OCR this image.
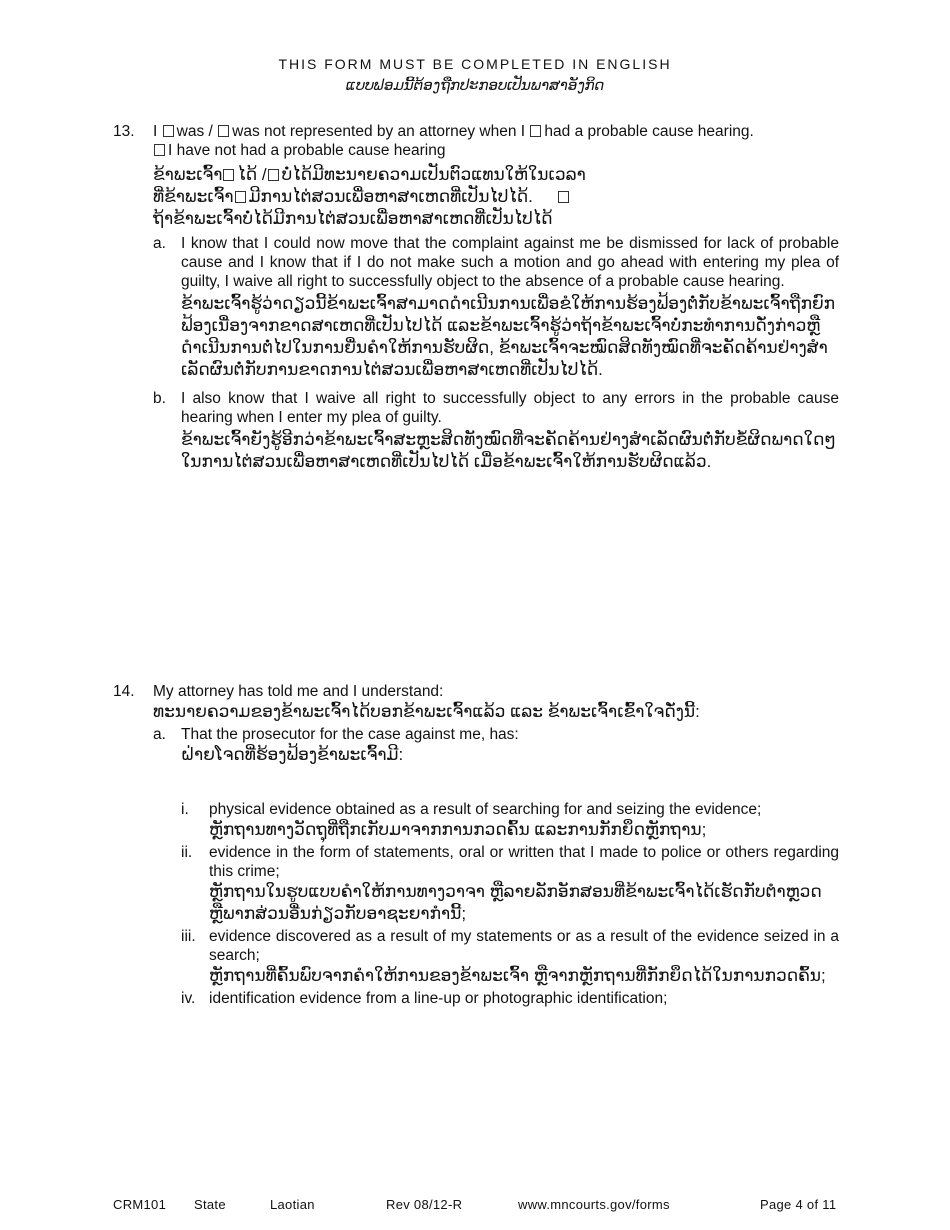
THIS FORM MUST BE COMPLETED IN ENGLISH
ແບບຟອມນີ້ຕ້ອງຖືກປະກອບເປັນພາສາອັງກິດ
13.	I was / was not represented by an attorney when I had a probable cause hearing.
I have not had a probable cause hearing

ຂ້າພະເຈົ້າ ໄດ້ / ບໍ່ໄດ້ມີທະນາຍຄວາມເປັນຕົວແທນໃຫ້ໃນເວລາ

ທີ່ຂ້າພະເຈົ້າ ມີການໄຕ່ສວນເພື່ອຫາສາເຫດທີ່ເປັນໄປໄດ້.

ຖ້າຂ້າພະເຈົ້າບໍ່ໄດ້ມີການໄຕ່ສວນເພື່ອຫາສາເຫດທີ່ເປັນໄປໄດ້

a. I know that I could now move that the complaint against me be dismissed for lack of probable cause and I know that if I do not make such a motion and go ahead with entering my plea of guilty, I waive all right to successfully object to the absence of a probable cause hearing.

ຂ້າພະເຈົ້າຮູ້ວ່າດຽວນີ້ຂ້າພະເຈົ້າສາມາດດໍາເນີນການເພື່ອຂໍໃຫ້ການຮ້ອງຟ້ອງຕໍ່ກັບຂ້າພະເຈົ້າຖືກຍົກຟ້ອງເນື່ອງຈາກຂາດສາເຫດທີ່ເປັນໄປໄດ້ ແລະຂ້າພະເຈົ້າຮູ້ວ່າຖ້າຂ້າພະເຈົ້າບໍ່ກະທໍາການດັ່ງກ່າວຫຼືດໍາເນີນການຕໍ່ໄປໃນການຍື່ນຄໍາໃຫ້ການຮັບຜິດ, ຂ້າພະເຈົ້າຈະໝົດສິດທັງໝົດທີ່ຈະຄັດຄ້ານຢ່າງສໍາເລັດຜົນຕໍ່ກັບການຂາດການໄຕ່ສວນເພື່ອຫາສາເຫດທີ່ເປັນໄປໄດ້.

b. I also know that I waive all right to successfully object to any errors in the probable cause hearing when I enter my plea of guilty.

ຂ້າພະເຈົ້າຍັງຮູ້ອີກວ່າຂ້າພະເຈົ້າສະຫຼະສິດທັງໝົດທີ່ຈະຄັດຄ້ານຢ່າງສໍາເລັດຜົນຕໍ່ກັບຂໍ້ຜິດພາດໃດໆໃນການໄຕ່ສວນເພື່ອຫາສາເຫດທີ່ເປັນໄປໄດ້ ເມື່ອຂ້າພະເຈົ້າໃຫ້ການຮັບຜິດແລ້ວ.

14.	My attorney has told me and I understand:

ທະນາຍຄວາມຂອງຂ້າພະເຈົ້າໄດ້ບອກຂ້າພະເຈົ້າແລ້ວ ແລະ ຂ້າພະເຈົ້າເຂົ້າໃຈດັ່ງນີ້:

a. That the prosecutor for the case against me, has:

ຝ່າຍໂຈດທີ່ຮ້ອງຟ້ອງຂ້າພະເຈົ້າມີ:

i. physical evidence obtained as a result of searching for and seizing the evidence;

ຫຼັກຖານທາງວັດຖຸທີ່ຖືກເກັບມາຈາກການກວດຄົ້ນ ແລະການກັກຍຶດຫຼັກຖານ;

ii. evidence in the form of statements, oral or written that I made to police or others regarding this crime;

ຫຼັກຖານໃນຮູບແບບຄໍາໃຫ້ການທາງວາຈາ ຫຼືລາຍລັກອັກສອນທີ່ຂ້າພະເຈົ້າໄດ້ເຮັດກັບຕໍາຫຼວດ ຫຼືພາກສ່ວນອື່ນກ່ຽວກັບອາຊະຍາກໍານີ້;

iii. evidence discovered as a result of my statements or as a result of the evidence seized in a search;

ຫຼັກຖານທີ່ຄົ້ນພົບຈາກຄໍາໃຫ້ການຂອງຂ້າພະເຈົ້າ ຫຼືຈາກຫຼັກຖານທີ່ກັກຍຶດໄດ້ໃນການກວດຄົ້ນ;

iv. identification evidence from a line-up or photographic identification;
CRM101 State	Laotian	Rev 08/12-R	www.mncourts.gov/forms	Page 4 of 11
